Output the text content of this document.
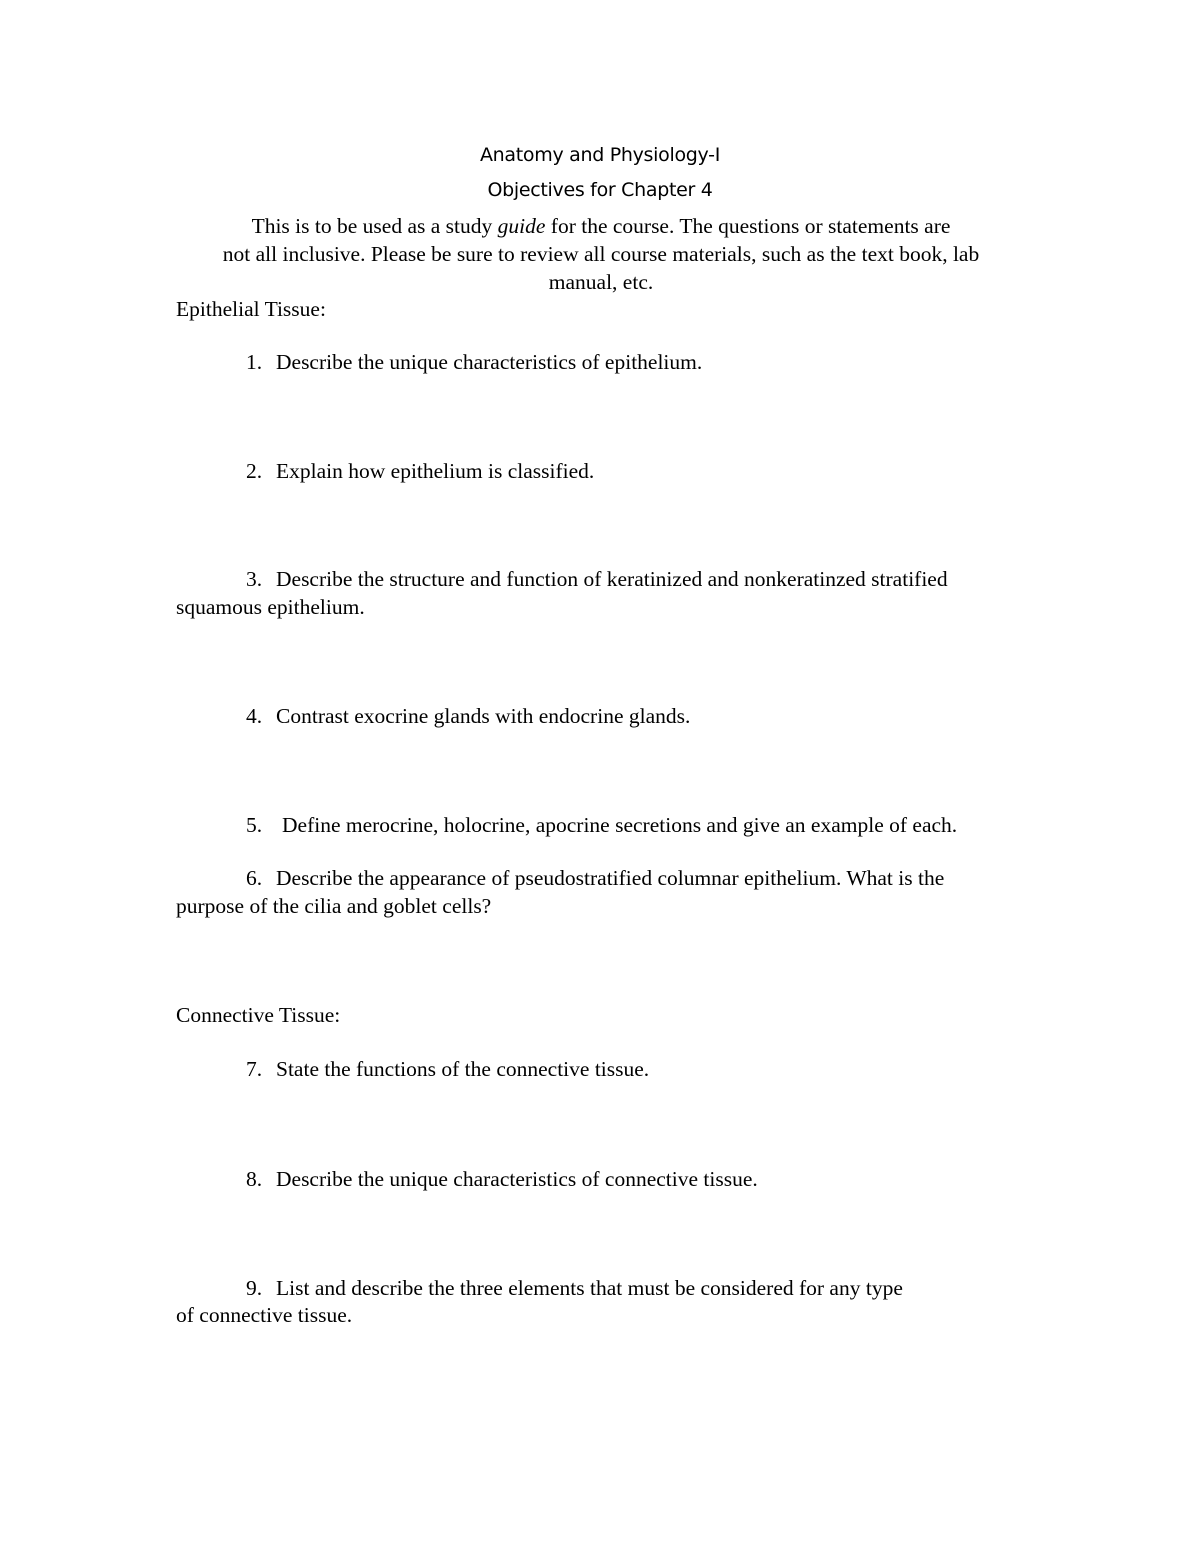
Anatomy and Physiology-I
Objectives for Chapter 4
This is to be used as a study guide for the course. The questions or statements are
not all inclusive. Please be sure to review all course materials, such as the text book, lab
manual, etc.
Epithelial Tissue:
1. Describe the unique characteristics of epithelium.
2. Explain how epithelium is classified.
3. Describe the structure and function of keratinized and nonkeratinzed stratified
squamous epithelium.
4. Contrast exocrine glands with endocrine glands.
5. Define merocrine, holocrine, apocrine secretions and give an example of each.
6. Describe the appearance of pseudostratified columnar epithelium. What is the
purpose of the cilia and goblet cells?
Connective Tissue:
7. State the functions of the connective tissue.
8. Describe the unique characteristics of connective tissue.
9. List and describe the three elements that must be considered for any type
of connective tissue.
